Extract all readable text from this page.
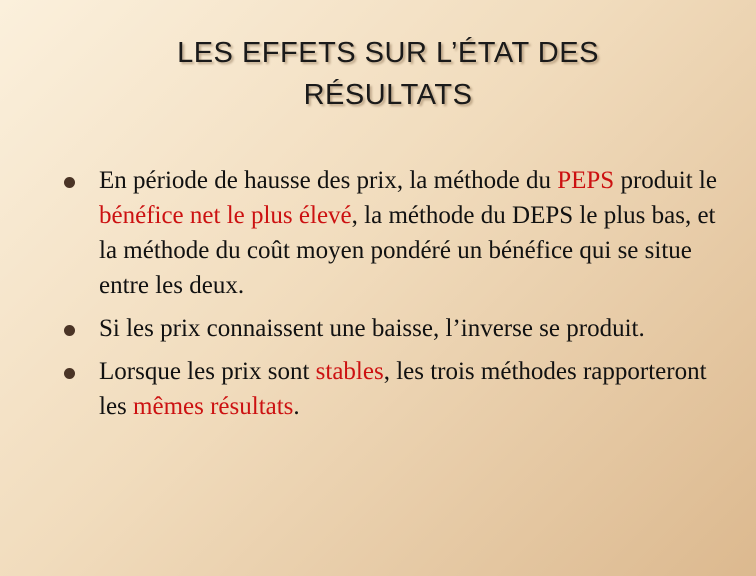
LES EFFETS SUR L’ÉTAT DES
RÉSULTATS
En période de hausse des prix, la méthode du PEPS produit le bénéfice net le plus élevé, la méthode du DEPS le plus bas, et la méthode du coût moyen pondéré un bénéfice qui se situe entre les deux.
Si les prix connaissent une baisse, l’inverse se produit.
Lorsque les prix sont stables, les trois méthodes rapporteront les mêmes résultats.
